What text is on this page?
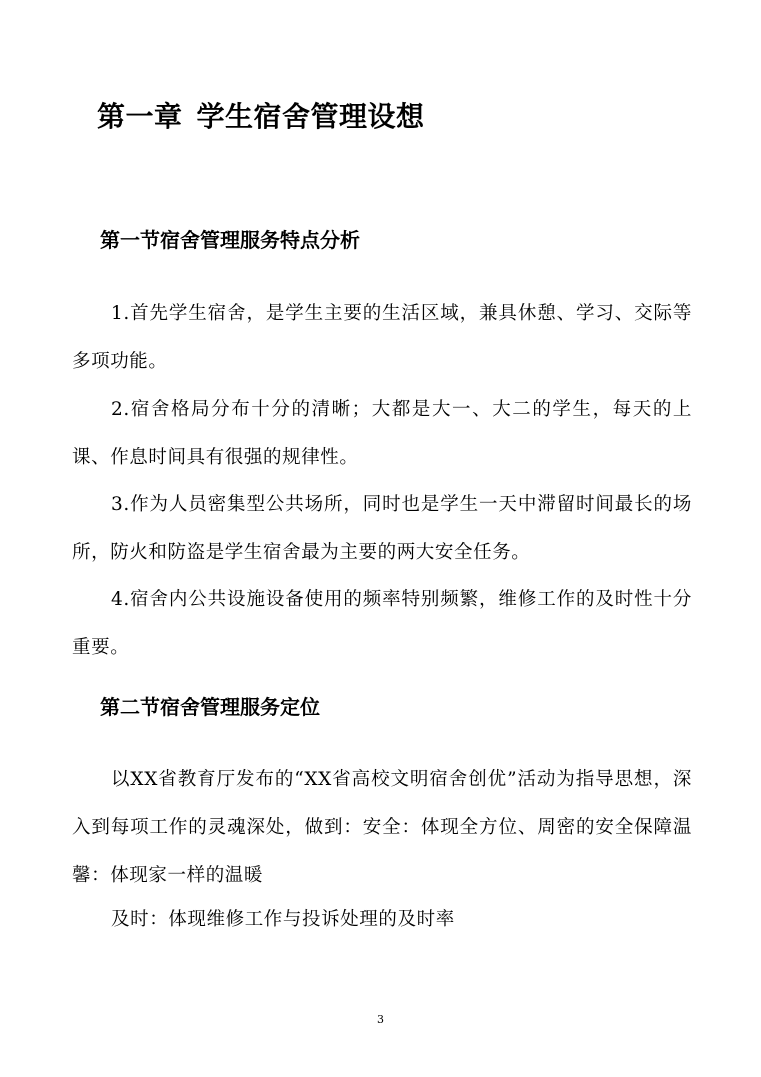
第一章 学生宿舍管理设想
第一节宿舍管理服务特点分析

1.首先学生宿舍，是学生主要的生活区域，兼具休憩、学习、交际等多项功能。

2.宿舍格局分布十分的清晰；大都是大一、大二的学生，每天的上课、作息时间具有很强的规律性。

3.作为人员密集型公共场所，同时也是学生一天中滞留时间最长的场所，防火和防盗是学生宿舍最为主要的两大安全任务。

4.宿舍内公共设施设备使用的频率特别频繁，维修工作的及时性十分重要。

第二节宿舍管理服务定位

以XX省教育厅发布的“XX省高校文明宿舍创优”活动为指导思想，深入到每项工作的灵魂深处，做到：安全：体现全方位、周密的安全保障温馨：体现家一样的温暖

及时：体现维修工作与投诉处理的及时率

3
